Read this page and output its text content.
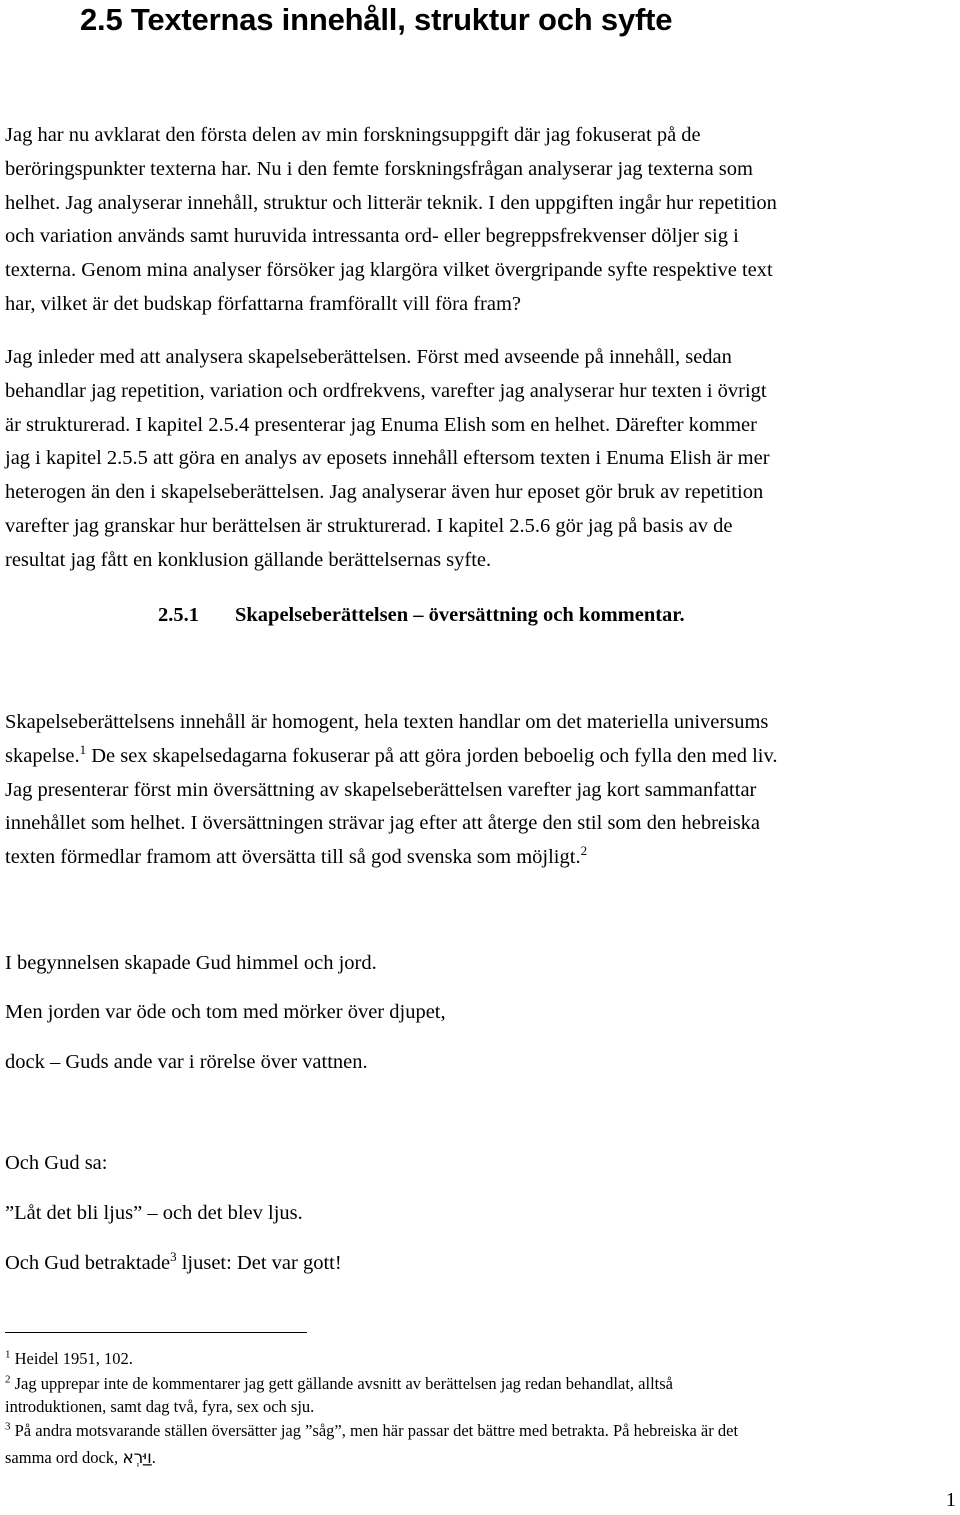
2.5 Texternas innehåll, struktur och syfte
Jag har nu avklarat den första delen av min forskningsuppgift där jag fokuserat på de
beröringspunkter texterna har. Nu i den femte forskningsfrågan analyserar jag texterna som
helhet. Jag analyserar innehåll, struktur och litterär teknik. I den uppgiften ingår hur repetition
och variation används samt huruvida intressanta ord- eller begreppsfrekvenser döljer sig i
texterna. Genom mina analyser försöker jag klargöra vilket övergripande syfte respektive text
har, vilket är det budskap författarna framförallt vill föra fram?
Jag inleder med att analysera skapelseberättelsen. Först med avseende på innehåll, sedan
behandlar jag repetition, variation och ordfrekvens, varefter jag analyserar hur texten i övrigt
är strukturerad. I kapitel 2.5.4 presenterar jag Enuma Elish som en helhet. Därefter kommer
jag i kapitel 2.5.5 att göra en analys av eposets innehåll eftersom texten i Enuma Elish är mer
heterogen än den i skapelseberättelsen. Jag analyserar även hur eposet gör bruk av repetition
varefter jag granskar hur berättelsen är strukturerad. I kapitel 2.5.6 gör jag på basis av de
resultat jag fått en konklusion gällande berättelsernas syfte.
2.5.1 Skapelseberättelsen – översättning och kommentar.
Skapelseberättelsens innehåll är homogent, hela texten handlar om det materiella universums
skapelse.$^1$ De sex skapelsedagarna fokuserar på att göra jorden beboelig och fylla den med liv.
Jag presenterar först min översättning av skapelseberättelsen varefter jag kort sammanfattar
innehållet som helhet. I översättningen strävar jag efter att återge den stil som den hebreiska
texten förmedlar framom att översätta till så god svenska som möjligt.$^2$

I begynnelsen skapade Gud himmel och jord.

Men jorden var öde och tom med mörker över djupet,

dock – Guds ande var i rörelse över vattnen.

Och Gud sa:

”Låt det bli ljus” – och det blev ljus.

Och Gud betraktade$^3$ ljuset: Det var gott!

$^1$ Heidel 1951, 102.

$^2$ Jag upprepar inte de kommentarer jag gett gällande avsnitt av berättelsen jag redan behandlat, alltså

introduktionen, samt dag två, fyra, sex och sju.

$^3$ På andra motsvarande ställen översätter jag ”såg”, men här passar det bättre med betrakta. På hebreiska är det

samma ord dock, וַיַּרְא.

1
